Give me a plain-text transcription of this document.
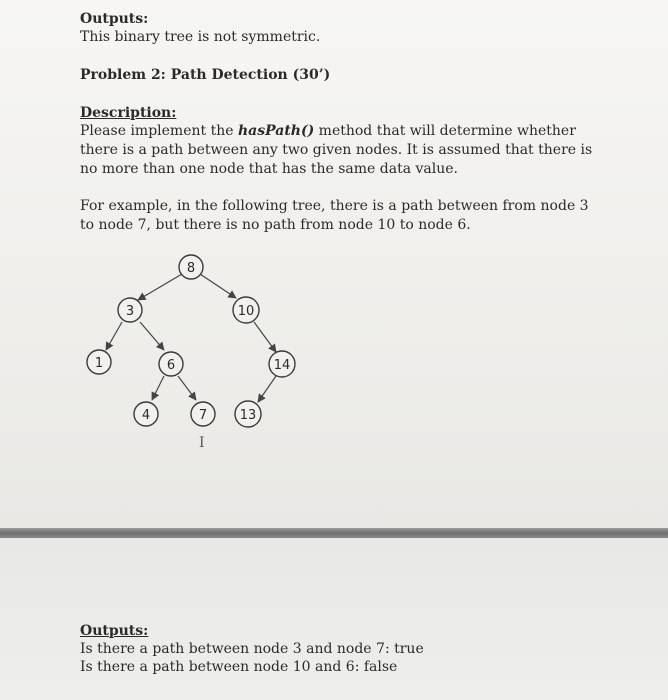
Outputs:
This binary tree is not symmetric.
Problem 2: Path Detection (30’)
Description:
Please implement the hasPath() method that will determine whether
there is a path between any two given nodes. It is assumed that there is
no more than one node that has the same data value.
For example, in the following tree, there is a path between from node 3
to node 7, but there is no path from node 10 to node 6.
8
3	10
1	6	14
4	7	13
I
Outputs:
Is there a path between node 3 and node 7: true
Is there a path between node 10 and 6: false
